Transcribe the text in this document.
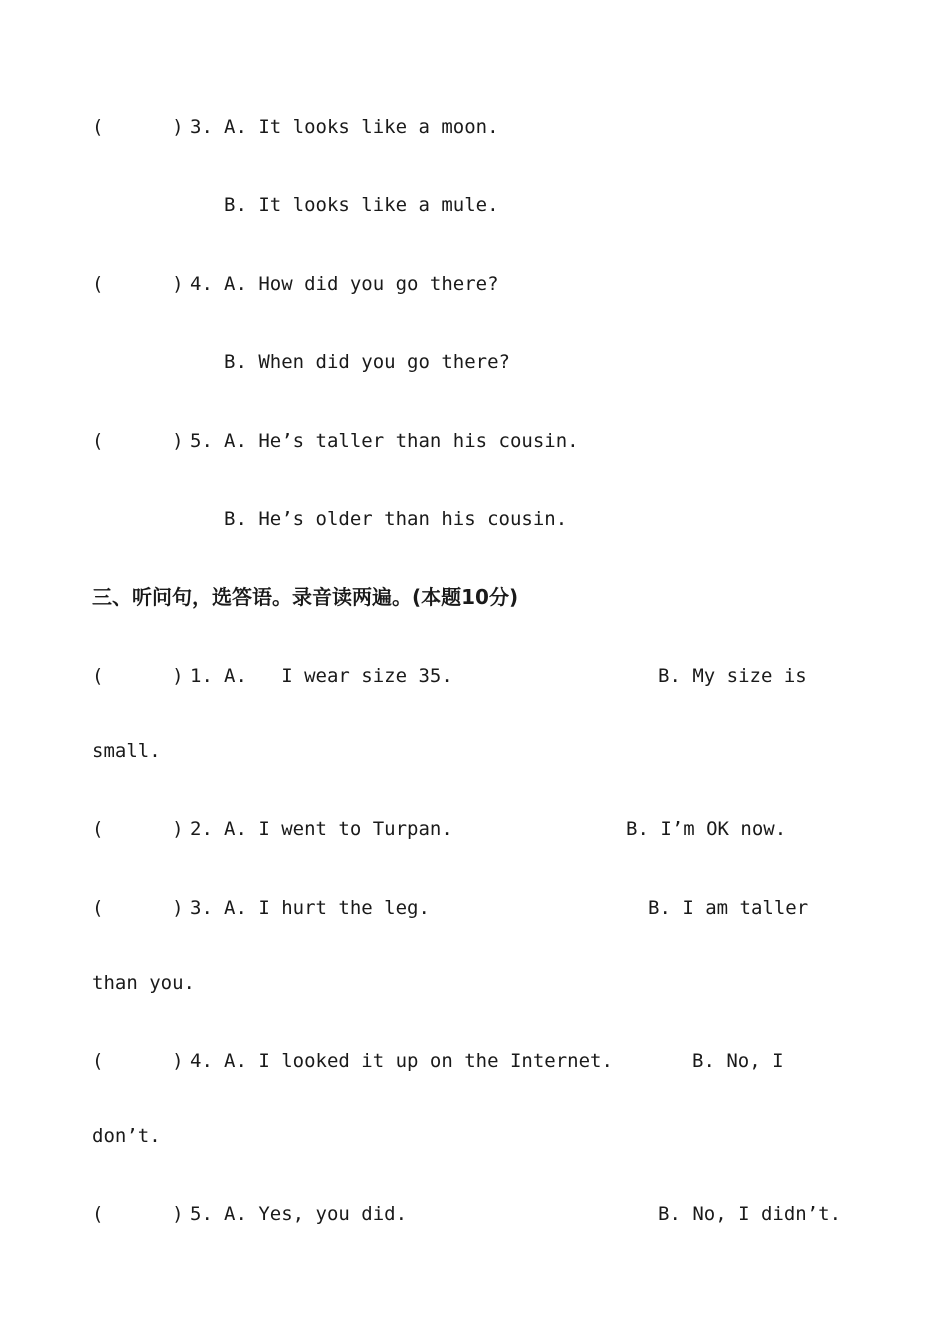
(      ) 3. A. It looks like a moon.
B. It looks like a mule.
(      ) 4. A. How did you go there?
B. When did you go there?
(      ) 5. A. He’s taller than his cousin.
B. He’s older than his cousin.
三、听问句，选答语。录音读两遍。(本题10分)
(      ) 1. A.   I wear size 35.	B. My size is
small.
(      ) 2. A. I went to Turpan.	B. I’m OK now.
(      ) 3. A. I hurt the leg.	B. I am taller
than you.
(      ) 4. A. I looked it up on the Internet.	B. No, I
don’t.
(      ) 5. A. Yes, you did.	B. No, I didn’t.
